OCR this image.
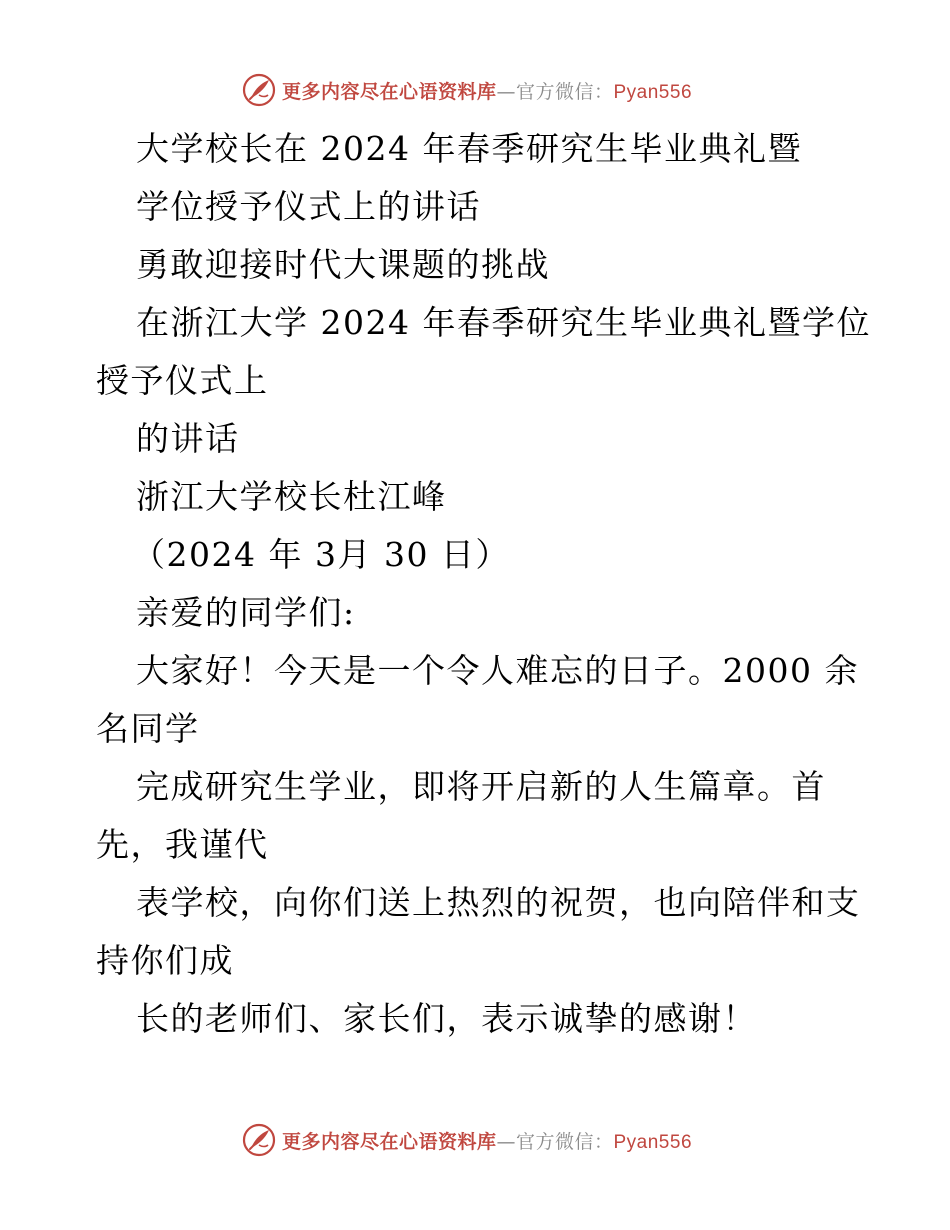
更多内容尽在心语资料库—官方微信：Pyan556
大学校长在 2024 年春季研究生毕业典礼暨
学位授予仪式上的讲话
勇敢迎接时代大课题的挑战
在浙江大学 2024 年春季研究生毕业典礼暨学位
授予仪式上
的讲话
浙江大学校长杜江峰
（2024 年 3月 30 日）
亲爱的同学们:
大家好！今天是一个令人难忘的日子。2000 余
名同学
完成研究生学业，即将开启新的人生篇章。首
先，我谨代
表学校，向你们送上热烈的祝贺，也向陪伴和支
持你们成
长的老师们、家长们，表示诚挚的感谢！
更多内容尽在心语资料库—官方微信：Pyan556
